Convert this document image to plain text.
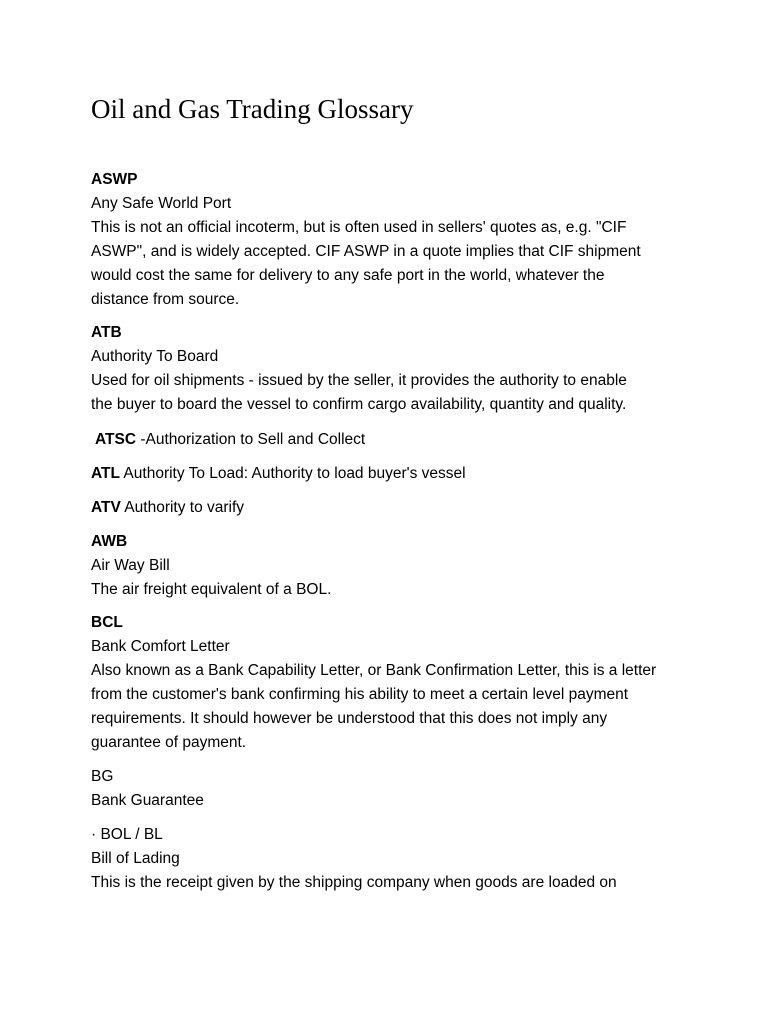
Oil and Gas Trading Glossary
ASWP
Any Safe World Port
This is not an official incoterm, but is often used in sellers' quotes as, e.g. "CIF
ASWP", and is widely accepted. CIF ASWP in a quote implies that CIF shipment
would cost the same for delivery to any safe port in the world, whatever the
distance from source.
ATB
Authority To Board
Used for oil shipments - issued by the seller, it provides the authority to enable
the buyer to board the vessel to confirm cargo availability, quantity and quality.
ATSC -Authorization to Sell and Collect
ATL Authority To Load: Authority to load buyer's vessel
ATV Authority to varify
AWB
Air Way Bill
The air freight equivalent of a BOL.
BCL
Bank Comfort Letter
Also known as a Bank Capability Letter, or Bank Confirmation Letter, this is a letter
from the customer's bank confirming his ability to meet a certain level payment
requirements. It should however be understood that this does not imply any
guarantee of payment.
BG
Bank Guarantee
· BOL / BL
Bill of Lading
This is the receipt given by the shipping company when goods are loaded on
